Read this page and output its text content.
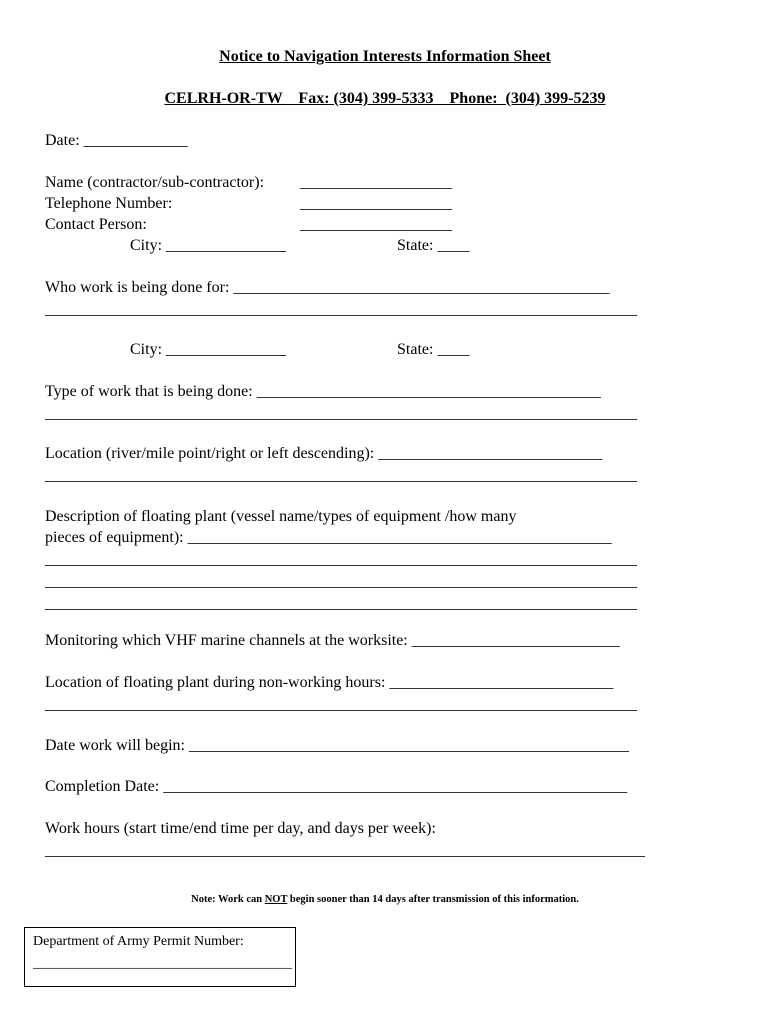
Notice to Navigation Interests Information Sheet
CELRH-OR-TW Fax: (304) 399-5333 Phone:  (304) 399-5239
Date: _____________
Name (contractor/sub-contractor): ___________________
Telephone Number:	___________________
Contact Person:	___________________
City: _______________	State: ____
Who work is being done for: _______________________________________________
__________________________________________________________________________
City: _______________	State: ____
Type of work that is being done: ___________________________________________
__________________________________________________________________________
Location (river/mile point/right or left descending): ____________________________
__________________________________________________________________________
Description of floating plant (vessel name/types of equipment /how many
pieces of equipment): _____________________________________________________
__________________________________________________________________________
__________________________________________________________________________
__________________________________________________________________________
Monitoring which VHF marine channels at the worksite: __________________________
Location of floating plant during non-working hours: ____________________________
__________________________________________________________________________
Date work will begin: _______________________________________________________
Completion Date: __________________________________________________________
Work hours (start time/end time per day, and days per week):
___________________________________________________________________________
Note: Work can NOT begin sooner than 14 days after transmission of this information.
Department of Army Permit Number:
_____________________________________
